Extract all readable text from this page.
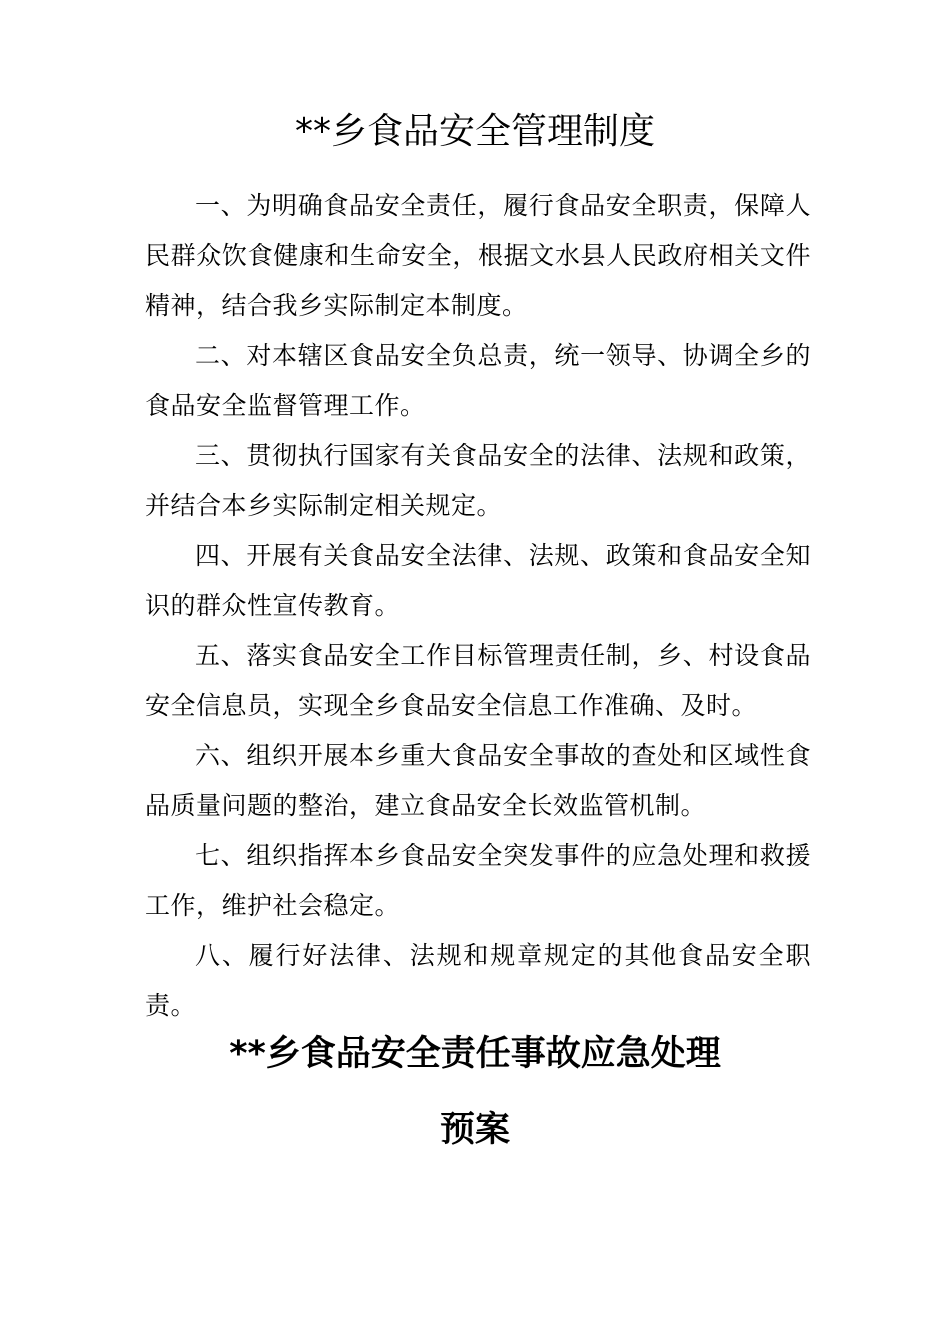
**乡食品安全管理制度

一、为明确食品安全责任，履行食品安全职责，保障人民群众饮食健康和生命安全，根据文水县人民政府相关文件精神，结合我乡实际制定本制度。

二、对本辖区食品安全负总责，统一领导、协调全乡的食品安全监督管理工作。

三、贯彻执行国家有关食品安全的法律、法规和政策，并结合本乡实际制定相关规定。

四、开展有关食品安全法律、法规、政策和食品安全知识的群众性宣传教育。

五、落实食品安全工作目标管理责任制，乡、村设食品安全信息员，实现全乡食品安全信息工作准确、及时。

六、组织开展本乡重大食品安全事故的查处和区域性食品质量问题的整治，建立食品安全长效监管机制。

七、组织指挥本乡食品安全突发事件的应急处理和救援工作，维护社会稳定。

八、履行好法律、法规和规章规定的其他食品安全职责。

**乡食品安全责任事故应急处理
预案
